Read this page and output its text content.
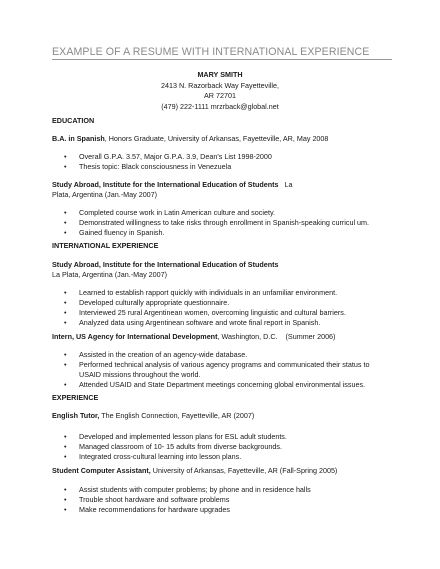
EXAMPLE OF A RESUME WITH INTERNATIONAL EXPERIENCE
MARY SMITH
2413 N. Razorback Way Fayetteville,
AR 72701
(479) 222-1111 mrzrback@global.net
EDUCATION
B.A. in Spanish, Honors Graduate, University of Arkansas, Fayetteville, AR, May 2008
• Overall G.P.A. 3.57, Major G.P.A. 3.9, Dean's List 1998-2000
• Thesis topic: Black consciousness in Venezuela
Study Abroad, Institute for the International Education of Students La
Plata, Argentina (Jan.-May 2007)
• Completed course work in Latin American culture and society.
• Demonstrated willingness to take risks through enrollment in Spanish-speaking curricul um.
• Gained fluency in Spanish.
INTERNATIONAL EXPERIENCE
Study Abroad, Institute for the International Education of Students
La Plata, Argentina (Jan.-May 2007)
• Learned to establish rapport quickly with individuals in an unfamiliar environment.
• Developed culturally appropriate questionnaire.
• Interviewed 25 rural Argentinean women, overcoming linguistic and cultural barriers.
• Analyzed data using Argentinean software and wrote final report in Spanish.
Intern, US Agency for International Development, Washington, D.C.    (Summer 2006)
• Assisted in the creation of an agency-wide database.
• Performed technical analysis of various agency programs and communicated their status to
USAID missions throughout the world.
• Attended USAID and State Department meetings concerning global environmental issues.
EXPERIENCE
English Tutor, The English Connection, Fayetteville, AR (2007)
• Developed and implemented lesson plans for ESL adult students.
• Managed classroom of 10- 15 adults from diverse backgrounds.
• Integrated cross-cultural learning into lesson plans.
Student Computer Assistant, University of Arkansas, Fayetteville, AR (Fall-Spring 2005)
• Assist students with computer problems; by phone and in residence halls
• Trouble shoot hardware and software problems
• Make recommendations for hardware upgrades
